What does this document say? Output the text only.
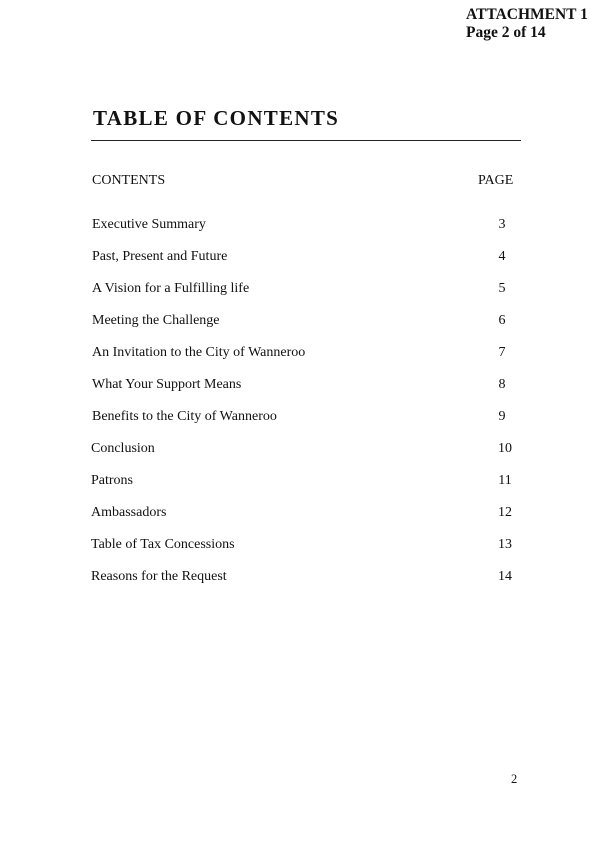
ATTACHMENT 1
Page 2 of 14
TABLE OF CONTENTS
CONTENTS	PAGE
Executive Summary	3
Past, Present and Future	4
A Vision for a Fulfilling life	5
Meeting the Challenge	6
An Invitation to the City of Wanneroo	7
What Your Support Means	8
Benefits to the City of Wanneroo	9
Conclusion	10
Patrons	11
Ambassadors	12
Table of Tax Concessions	13
Reasons for the Request	14
2
